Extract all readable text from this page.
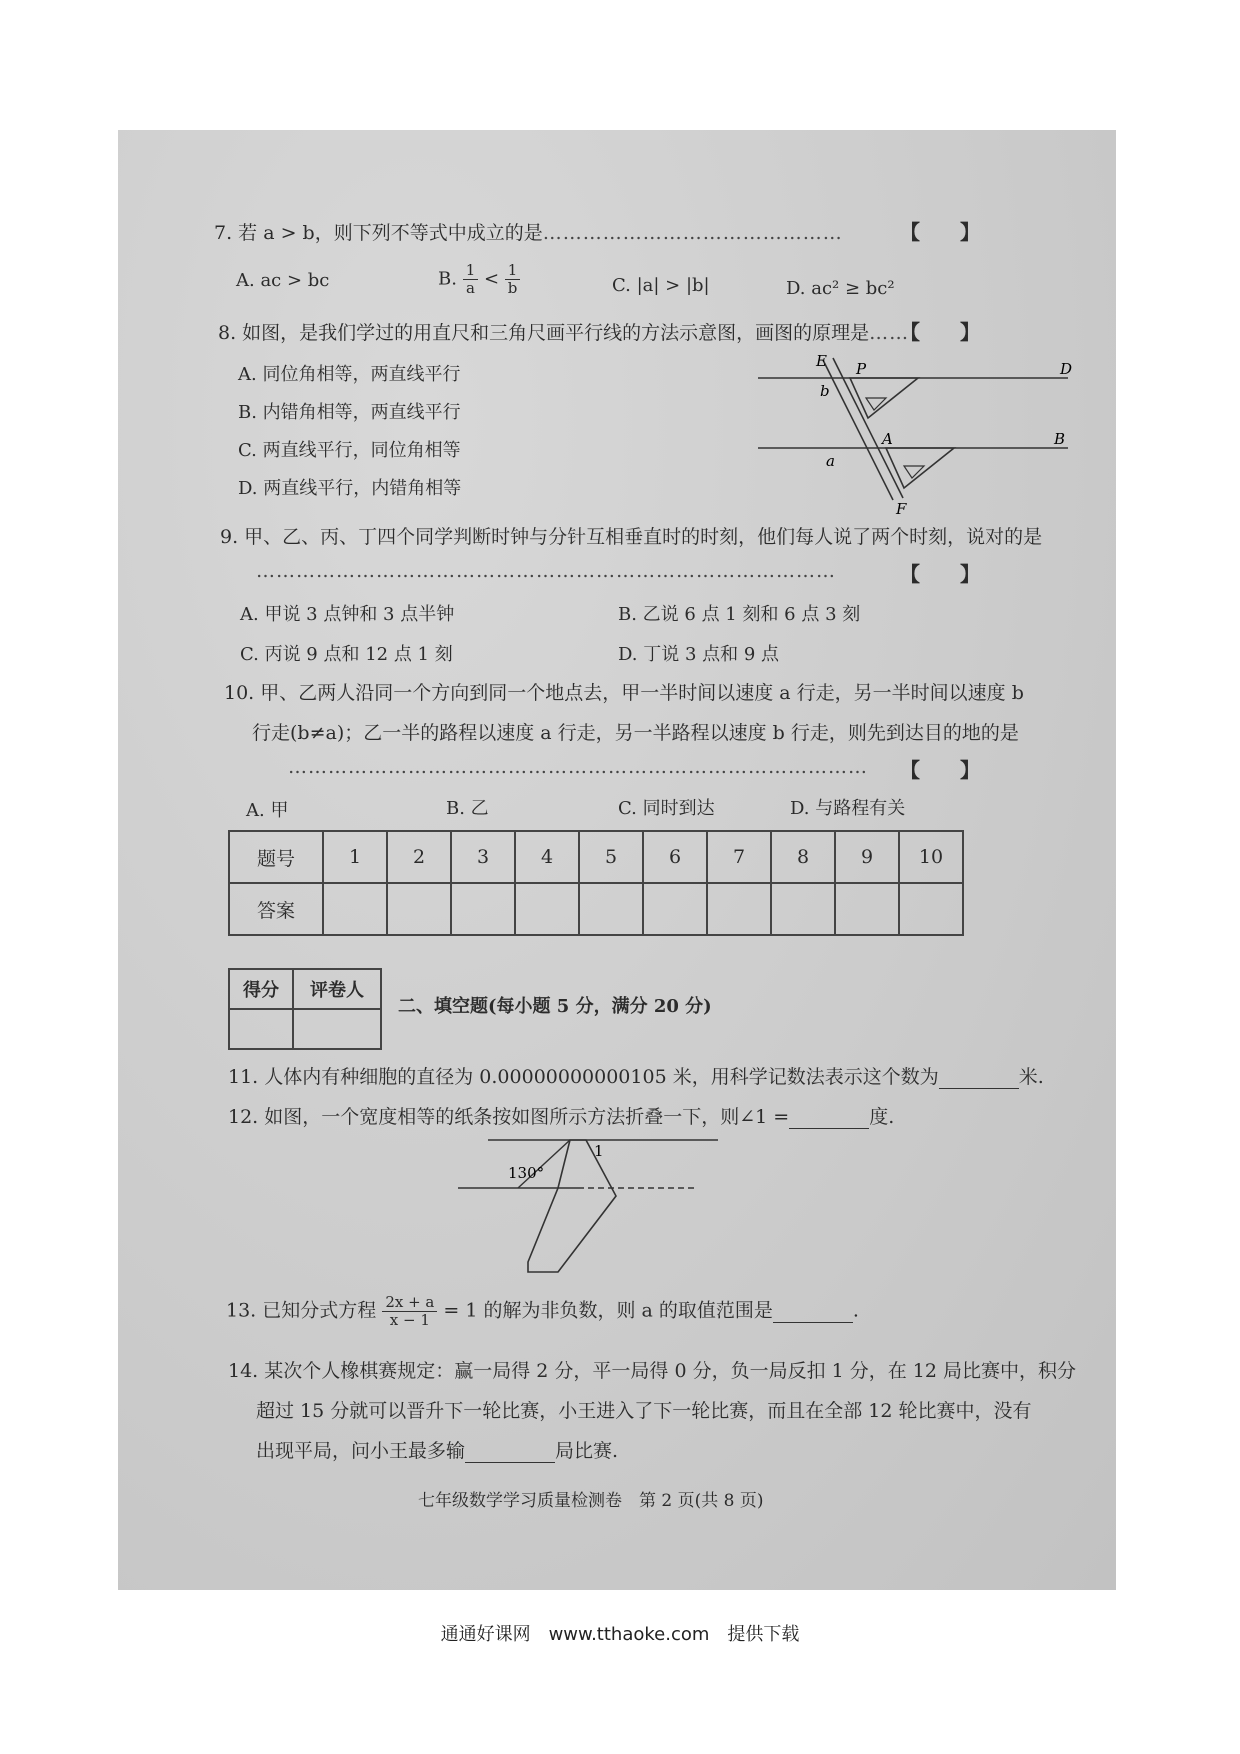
7. 若 a > b，则下列不等式中成立的是………………………………………	【　　】
A. ac > bc	B. $\frac{1}{a} < \frac{1}{b}$	C. |a| > |b|	D. ac² ≥ bc²
8. 如图，是我们学过的用直尺和三角尺画平行线的方法示意图，画图的原理是……
【　　】
A. 同位角相等，两直线平行
B. 内错角相等，两直线平行
C. 两直线平行，同位角相等
D. 两直线平行，内错角相等
E P	D
b
A	B
a
F
9. 甲、乙、丙、丁四个同学判断时钟与分针互相垂直时的时刻，他们每人说了两个时刻，说对的是
……………………………………………………………………………	【　　】
A. 甲说 3 点钟和 3 点半钟	B. 乙说 6 点 1 刻和 6 点 3 刻
C. 丙说 9 点和 12 点 1 刻	D. 丁说 3 点和 9 点
10. 甲、乙两人沿同一个方向到同一个地点去，甲一半时间以速度 a 行走，另一半时间以速度 b
行走(b≠a)；乙一半的路程以速度 a 行走，另一半路程以速度 b 行走，则先到达目的地的是
…………………………………………………………………………… 【　　】
A. 甲	B. 乙	C. 同时到达	D. 与路程有关
题号	1	2	3	4	5	6	7	8	9	10
答案										
得分	评卷人

二、填空题(每小题 5 分，满分 20 分)
11. 人体内有种细胞的直径为 0.00000000000105 米，用科学记数法表示这个数为	米.
12. 如图，一个宽度相等的纸条按如图所示方法折叠一下，则∠1 =	度.
130°
1
13. 已知分式方程 $\frac{2x + a}{x - 1} = 1$ 的解为非负数，则 a 的取值范围是	.
14. 某次个人橡棋赛规定：赢一局得 2 分，平一局得 0 分，负一局反扣 1 分，在 12 局比赛中，积分
超过 15 分就可以晋升下一轮比赛，小王进入了下一轮比赛，而且在全部 12 轮比赛中，没有
出现平局，问小王最多输	局比赛.
七年级数学学习质量检测卷　第 2 页(共 8 页)
通通好课网　www.tthaoke.com　提供下载
